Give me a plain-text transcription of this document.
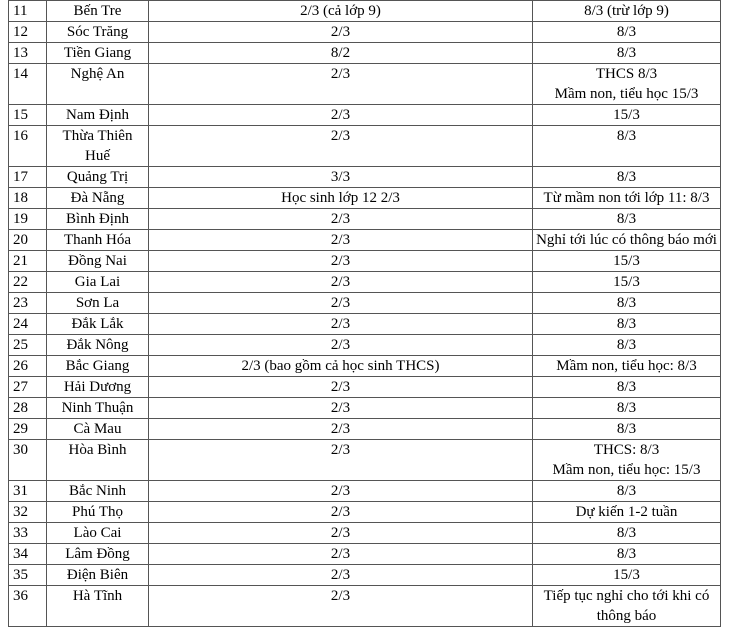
11	Bến Tre	2/3 (cả lớp 9)	8/3 (trừ lớp 9)
12	Sóc Trăng	2/3	8/3
13	Tiền Giang	8/2	8/3
14	Nghệ An	2/3	THCS 8/3
Mầm non, tiểu học 15/3
15	Nam Định	2/3	15/3
16	Thừa Thiên
Huế	2/3	8/3
17	Quảng Trị	3/3	8/3
18	Đà Nẵng	Học sinh lớp 12 2/3	Từ mầm non tới lớp 11: 8/3
19	Bình Định	2/3	8/3
20	Thanh Hóa	2/3	Nghỉ tới lúc có thông báo mới
21	Đồng Nai	2/3	15/3
22	Gia Lai	2/3	15/3
23	Sơn La	2/3	8/3
24	Đắk Lắk	2/3	8/3
25	Đắk Nông	2/3	8/3
26	Bắc Giang	2/3 (bao gồm cả học sinh THCS)	Mầm non, tiểu học: 8/3
27	Hải Dương	2/3	8/3
28	Ninh Thuận	2/3	8/3
29	Cà Mau	2/3	8/3
30	Hòa Bình	2/3	THCS: 8/3
Mầm non, tiểu học: 15/3
31	Bắc Ninh	2/3	8/3
32	Phú Thọ	2/3	Dự kiến 1-2 tuần
33	Lào Cai	2/3	8/3
34	Lâm Đồng	2/3	8/3
35	Điện Biên	2/3	15/3
36	Hà Tĩnh	2/3	Tiếp tục nghỉ cho tới khi có
thông báo
